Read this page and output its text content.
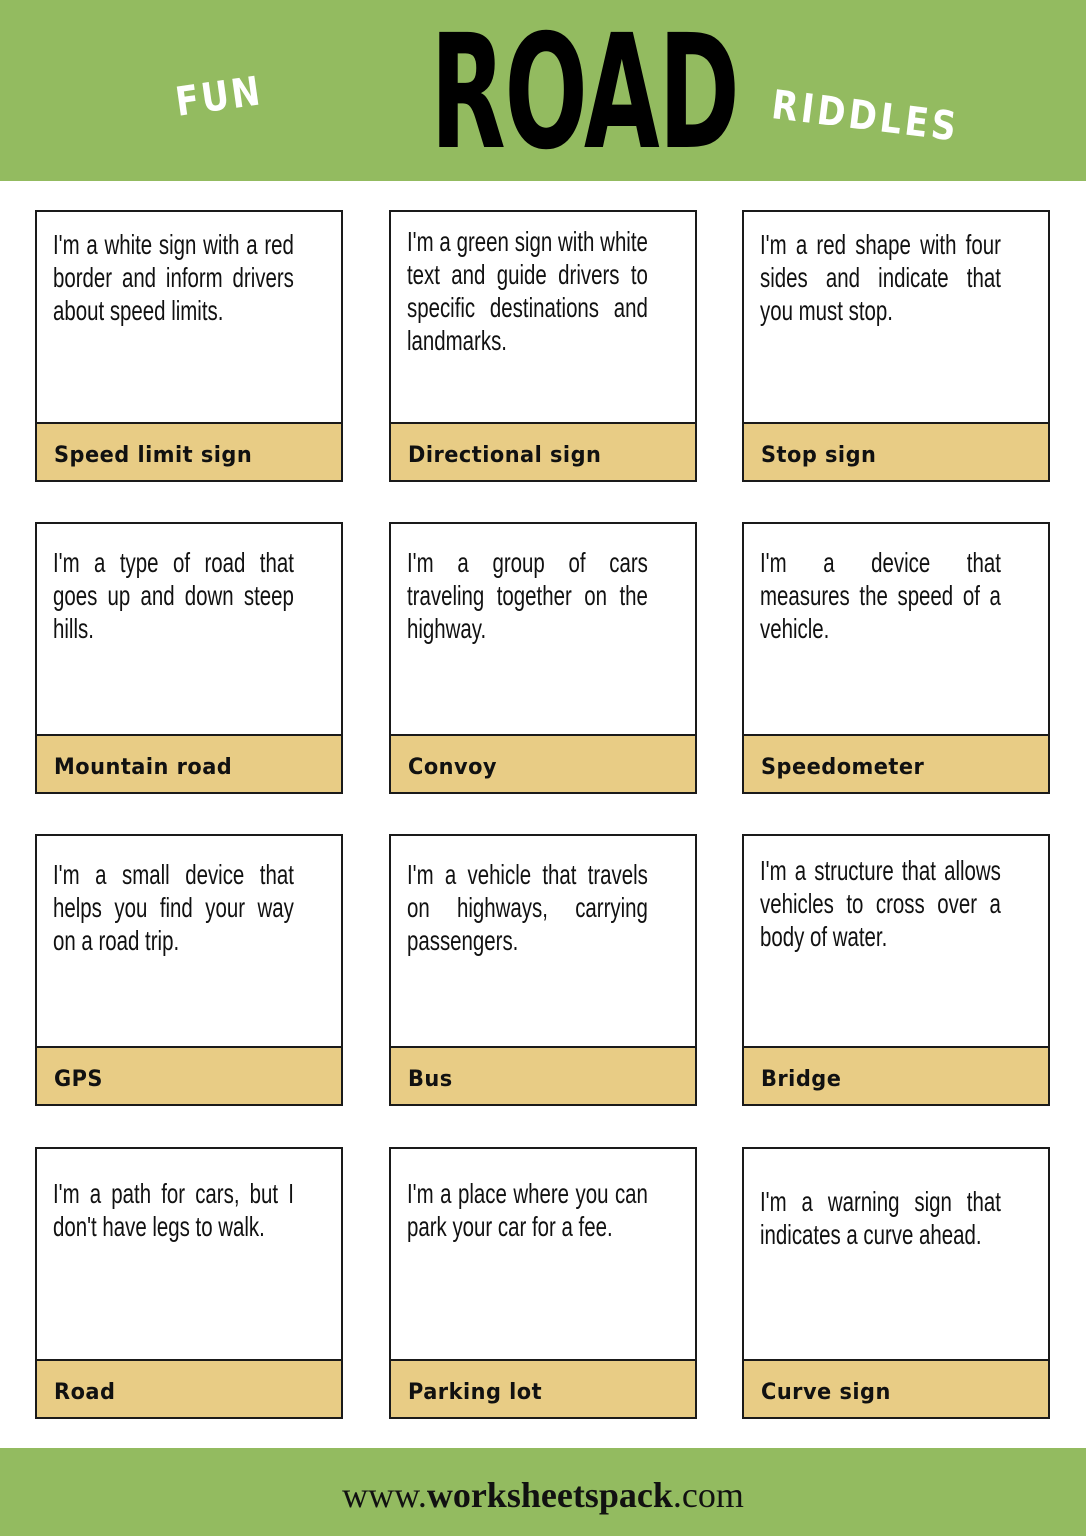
FUN ROAD RIDDLES
I'm a white sign with a red border and inform drivers about speed limits.
Speed limit sign
I'm a green sign with white text and guide drivers to specific destinations and landmarks.
Directional sign
I'm a red shape with four sides and indicate that you must stop.
Stop sign
I'm a type of road that goes up and down steep hills.
Mountain road
I'm a group of cars traveling together on the highway.
Convoy
I'm a device that measures the speed of a vehicle.
Speedometer
I'm a small device that helps you find your way on a road trip.
GPS
I'm a vehicle that travels on highways, carrying passengers.
Bus
I'm a structure that allows vehicles to cross over a body of water.
Bridge
I'm a path for cars, but I don't have legs to walk.
Road
I'm a place where you can park your car for a fee.
Parking lot
I'm a warning sign that indicates a curve ahead.
Curve sign
www.worksheetspack.com
